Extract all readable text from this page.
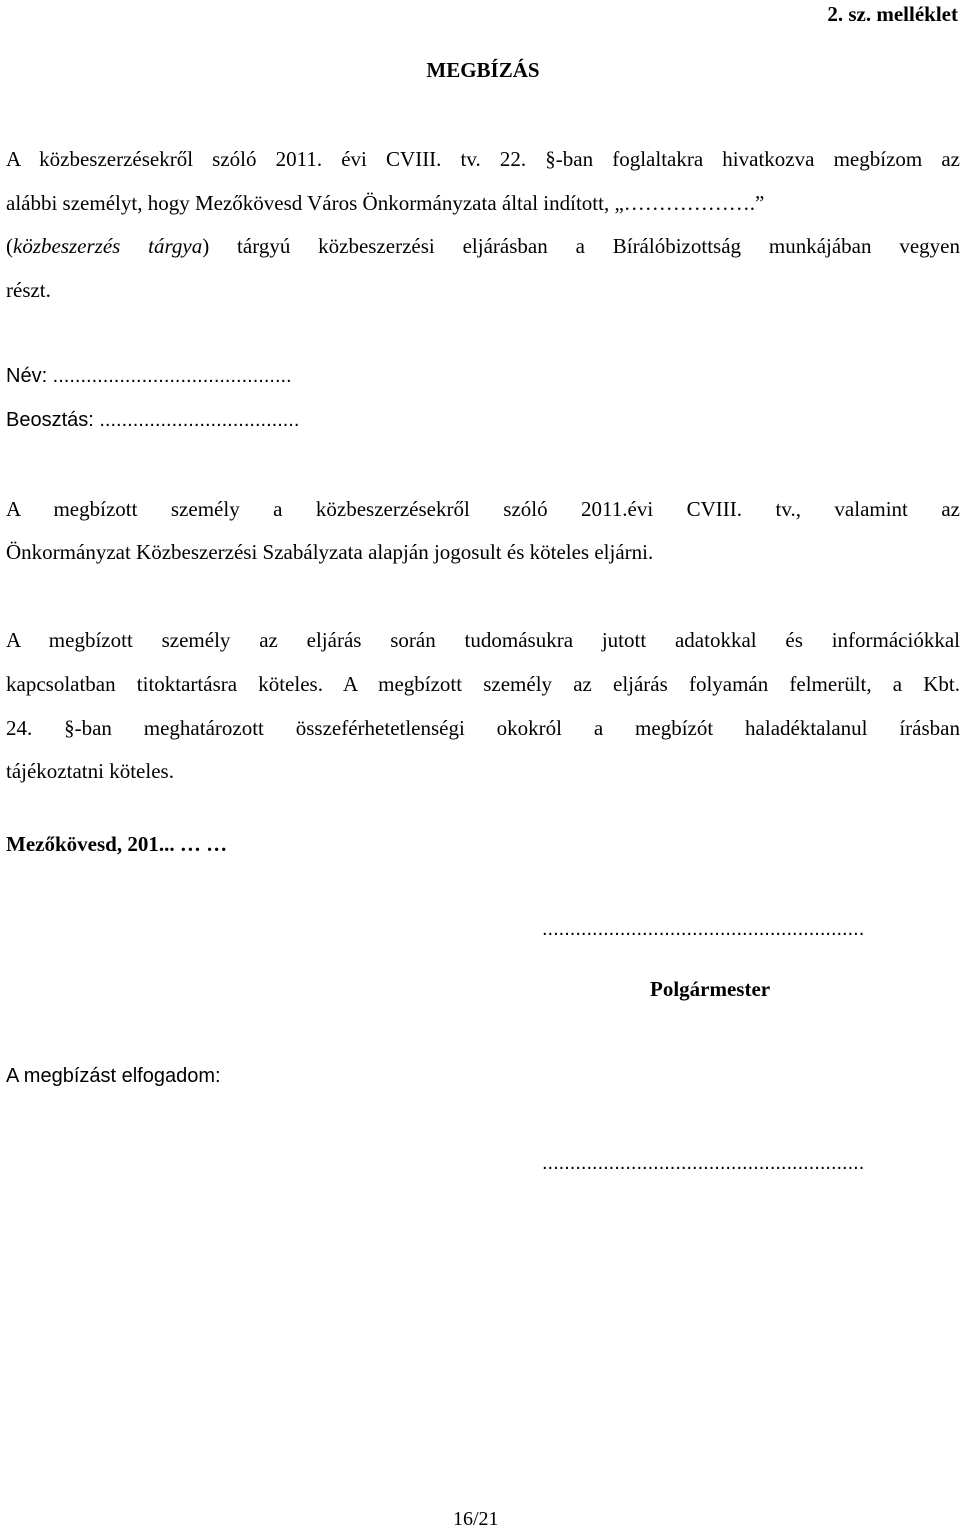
2. sz. melléklet
MEGBÍZÁS
A közbeszerzésekről szóló 2011. évi CVIII. tv. 22. §-ban foglaltakra hivatkozva megbízom az
alábbi személyt, hogy Mezőkövesd Város Önkormányzata által indított, „……………….”
(közbeszerzés tárgya) tárgyú közbeszerzési eljárásban a Bírálóbizottság munkájában vegyen
részt.
Név: ...........................................
Beosztás: ....................................
A megbízott személy a közbeszerzésekről szóló 2011.évi CVIII. tv., valamint az
Önkormányzat Közbeszerzési Szabályzata alapján jogosult és köteles eljárni.
A megbízott személy az eljárás során tudomásukra jutott adatokkal és információkkal
kapcsolatban titoktartásra köteles. A megbízott személy az eljárás folyamán felmerült, a Kbt.
24. §-ban meghatározott összeférhetetlenségi okokról a megbízót haladéktalanul írásban
tájékoztatni köteles.
Mezőkövesd, 201... … …
..........................................................
Polgármester
A megbízást elfogadom:
..........................................................
16/21
